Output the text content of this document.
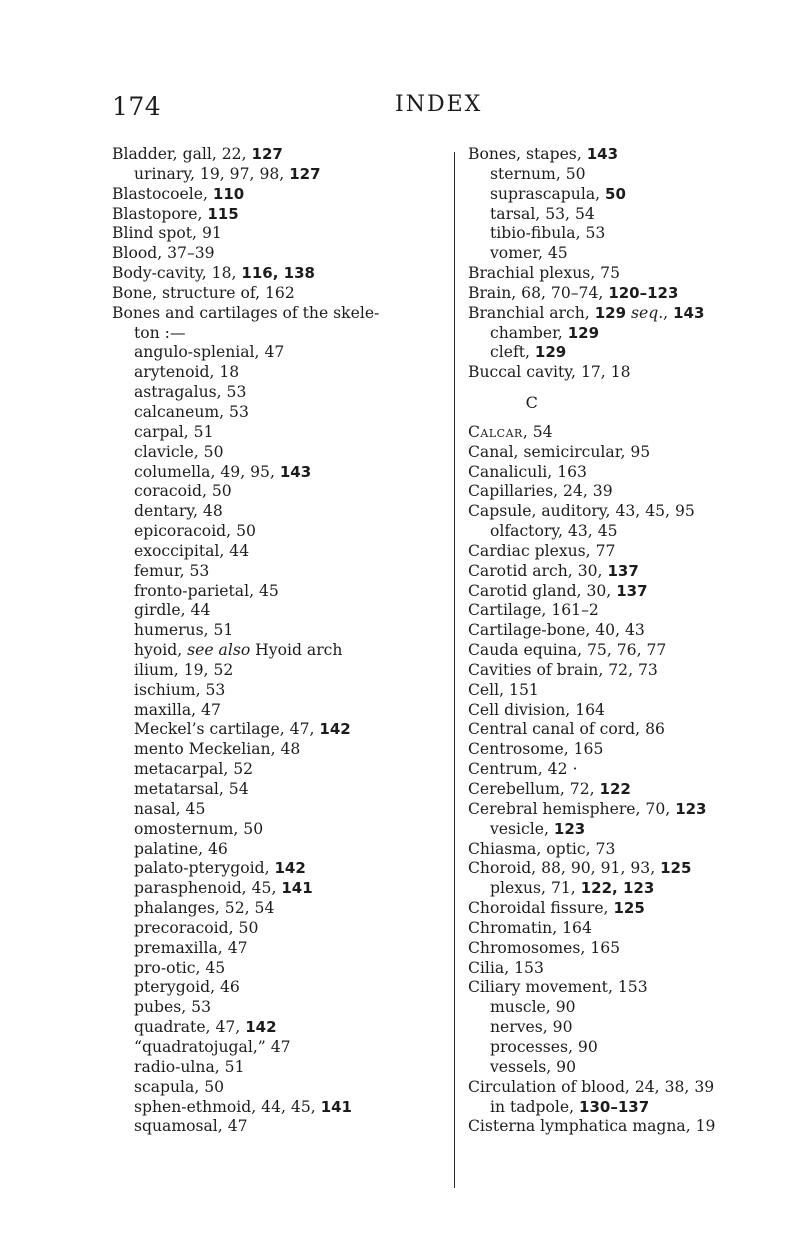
174	INDEX
Bladder, gall, 22, 127
urinary, 19, 97, 98, 127
Blastocoele, 110
Blastopore, 115
Blind spot, 91
Blood, 37–39
Body-cavity, 18, 116, 138
Bone, structure of, 162
Bones and cartilages of the skele-
ton :—
angulo-splenial, 47
arytenoid, 18
astragalus, 53
calcaneum, 53
carpal, 51
clavicle, 50
columella, 49, 95, 143
coracoid, 50
dentary, 48
epicoracoid, 50
exoccipital, 44
femur, 53
fronto-parietal, 45
girdle, 44
humerus, 51
hyoid, see also Hyoid arch
ilium, 19, 52
ischium, 53
maxilla, 47
Meckel’s cartilage, 47, 142
mento Meckelian, 48
metacarpal, 52
metatarsal, 54
nasal, 45
omosternum, 50
palatine, 46
palato-pterygoid, 142
parasphenoid, 45, 141
phalanges, 52, 54
precoracoid, 50
premaxilla, 47
pro-otic, 45
pterygoid, 46
pubes, 53
quadrate, 47, 142
“quadratojugal,” 47
radio-ulna, 51
scapula, 50
sphen-ethmoid, 44, 45, 141
squamosal, 47
Bones, stapes, 143
sternum, 50
suprascapula, 50
tarsal, 53, 54
tibio-fibula, 53
vomer, 45
Brachial plexus, 75
Brain, 68, 70–74, 120–123
Branchial arch, 129 seq., 143
chamber, 129
cleft, 129
Buccal cavity, 17, 18
C
Calcar, 54
Canal, semicircular, 95
Canaliculi, 163
Capillaries, 24, 39
Capsule, auditory, 43, 45, 95
olfactory, 43, 45
Cardiac plexus, 77
Carotid arch, 30, 137
Carotid gland, 30, 137
Cartilage, 161–2
Cartilage-bone, 40, 43
Cauda equina, 75, 76, 77
Cavities of brain, 72, 73
Cell, 151
Cell division, 164
Central canal of cord, 86
Centrosome, 165
Centrum, 42 ·
Cerebellum, 72, 122
Cerebral hemisphere, 70, 123
vesicle, 123
Chiasma, optic, 73
Choroid, 88, 90, 91, 93, 125
plexus, 71, 122, 123
Choroidal fissure, 125
Chromatin, 164
Chromosomes, 165
Cilia, 153
Ciliary movement, 153
muscle, 90
nerves, 90
processes, 90
vessels, 90
Circulation of blood, 24, 38, 39
in tadpole, 130–137
Cisterna lymphatica magna, 19
